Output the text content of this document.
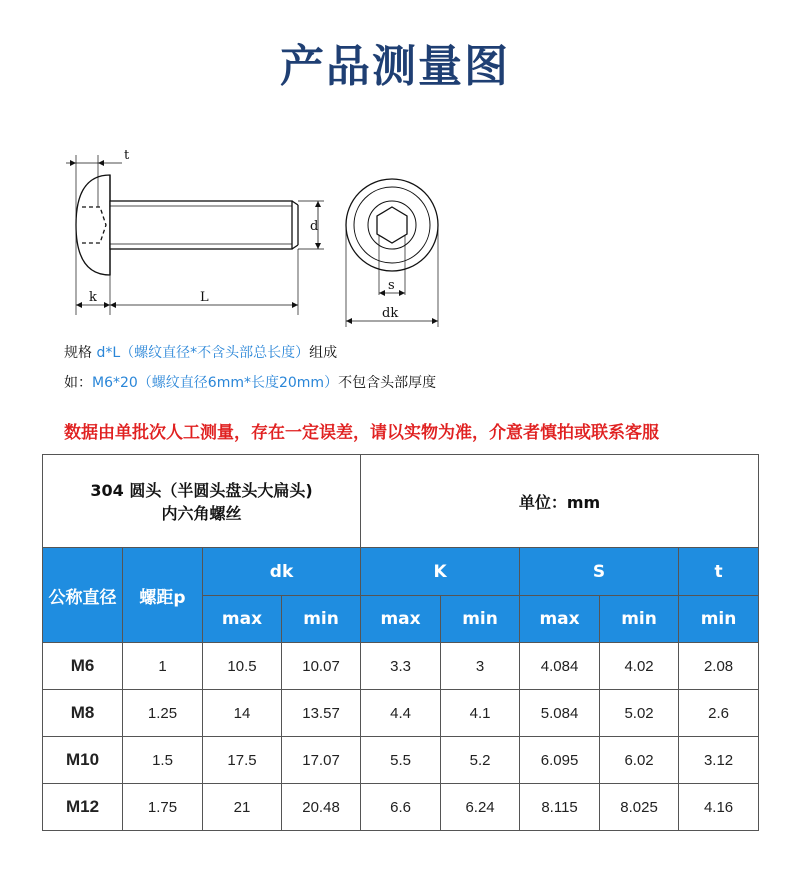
产品测量图
t
d
k	L
s
dk
规格 d*L（螺纹直径*不含头部总长度）组成
如：M6*20（螺纹直径6mm*长度20mm）不包含头部厚度
数据由单批次人工测量，存在一定误差，请以实物为准，介意者慎拍或联系客服
304 圆头（半圆头盘头大扁头)
内六角螺丝				单位：mm				
公称直径	螺距p	dk		K		S		t
		max	min	max	min	max	min	min
M6	1	10.5	10.07	3.3	3	4.084	4.02	2.08
M8	1.25	14	13.57	4.4	4.1	5.084	5.02	2.6
M10	1.5	17.5	17.07	5.5	5.2	6.095	6.02	3.12
M12	1.75	21	20.48	6.6	6.24	8.115	8.025	4.16
